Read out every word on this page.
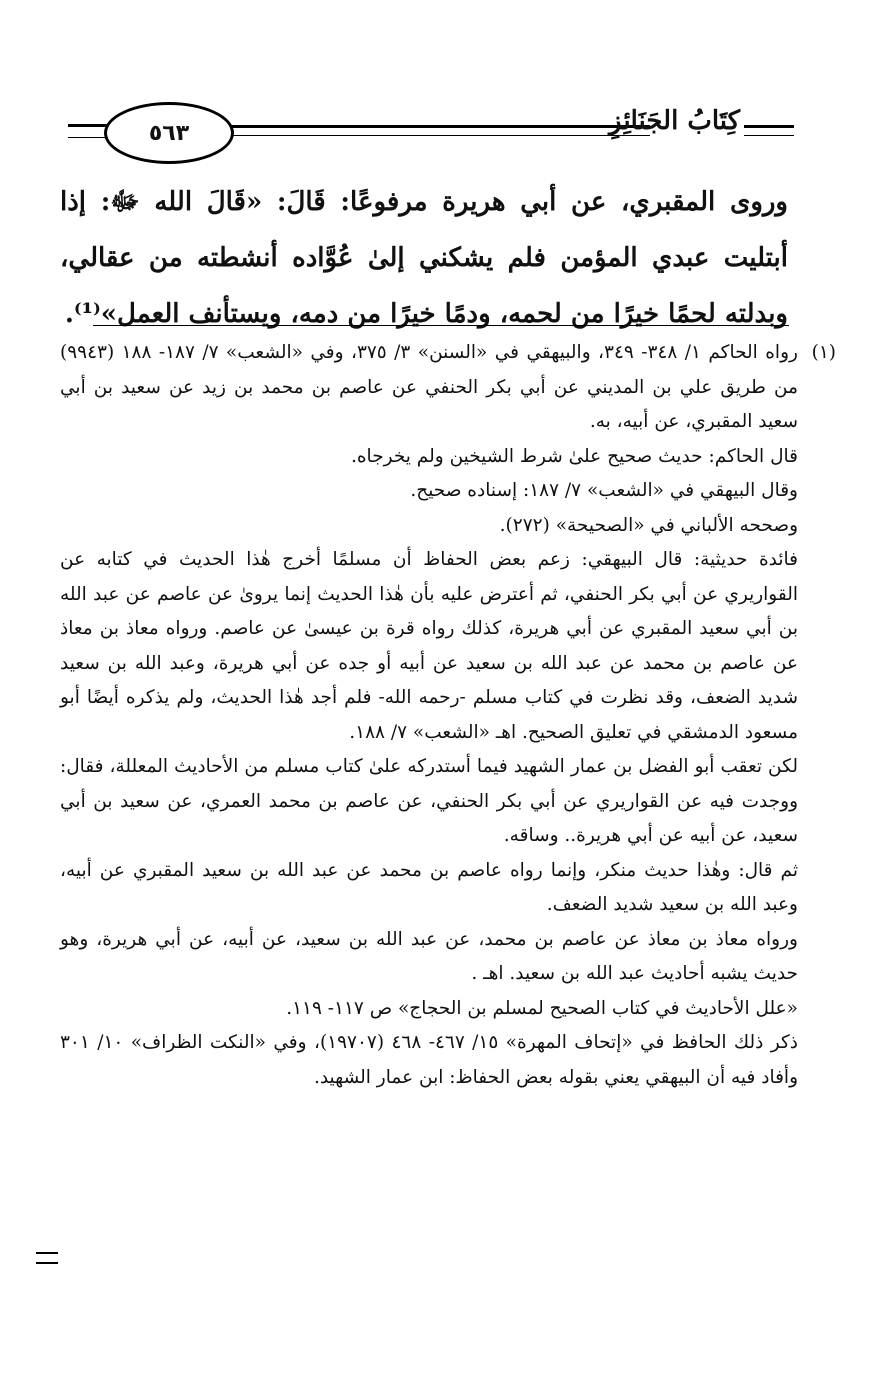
٥٦٣	كِتَابُ الجَنَائِزِ
وروى المقبري، عن أبي هريرة مرفوعًا: قَالَ: «قَالَ الله ﷻ: إذا أبتليت عبدي المؤمن فلم يشكني إلىٰ عُوَّاده أنشطته من عقالي، وبدلته لحمًا خيرًا من لحمه، ودمًا خيرًا من دمه، ويستأنف العمل»⁽¹⁾.
(١)
رواه الحاكم ١/ ٣٤٨- ٣٤٩، والبيهقي في «السنن» ٣/ ٣٧٥، وفي «الشعب» ٧/ ١٨٧- ١٨٨ (٩٩٤٣) من طريق علي بن المديني عن أبي بكر الحنفي عن عاصم بن محمد بن زيد عن سعيد بن أبي سعيد المقبري، عن أبيه، به.
قال الحاكم: حديث صحيح علىٰ شرط الشيخين ولم يخرجاه.
وقال البيهقي في «الشعب» ٧/ ١٨٧: إسناده صحيح.
وصححه الألباني في «الصحيحة» (٢٧٢).
فائدة حديثية: قال البيهقي: زعم بعض الحفاظ أن مسلمًا أخرج هٰذا الحديث في كتابه عن القواريري عن أبي بكر الحنفي، ثم أعترض عليه بأن هٰذا الحديث إنما يرویٰ عن عاصم عن عبد الله بن أبي سعيد المقبري عن أبي هريرة، كذلك رواه قرة بن عيسىٰ عن عاصم. ورواه معاذ بن معاذ عن عاصم بن محمد عن عبد الله بن سعيد عن أبيه أو جده عن أبي هريرة، وعبد الله بن سعيد شديد الضعف، وقد نظرت في كتاب مسلم -رحمه الله- فلم أجد هٰذا الحديث، ولم يذكره أيضًا أبو مسعود الدمشقي في تعليق الصحيح. اهـ «الشعب» ٧/ ١٨٨.
لكن تعقب أبو الفضل بن عمار الشهيد فيما أستدركه علىٰ كتاب مسلم من الأحاديث المعللة، فقال: ووجدت فيه عن القواريري عن أبي بكر الحنفي، عن عاصم بن محمد العمري، عن سعيد بن أبي سعيد، عن أبيه عن أبي هريرة.. وساقه.
ثم قال: وهٰذا حديث منكر، وإنما رواه عاصم بن محمد عن عبد الله بن سعيد المقبري عن أبيه، وعبد الله بن سعيد شديد الضعف.
ورواه معاذ بن معاذ عن عاصم بن محمد، عن عبد الله بن سعيد، عن أبيه، عن أبي هريرة، وهو حديث يشبه أحاديث عبد الله بن سعيد. اهـ .
«علل الأحاديث في كتاب الصحيح لمسلم بن الحجاج» ص ١١٧- ١١٩.
ذكر ذلك الحافظ في «إتحاف المهرة» ١٥/ ٤٦٧- ٤٦٨ (١٩٧٠٧)، وفي «النكت الظراف» ١٠/ ٣٠١ وأفاد فيه أن البيهقي يعني بقوله بعض الحفاظ: ابن عمار الشهيد.
